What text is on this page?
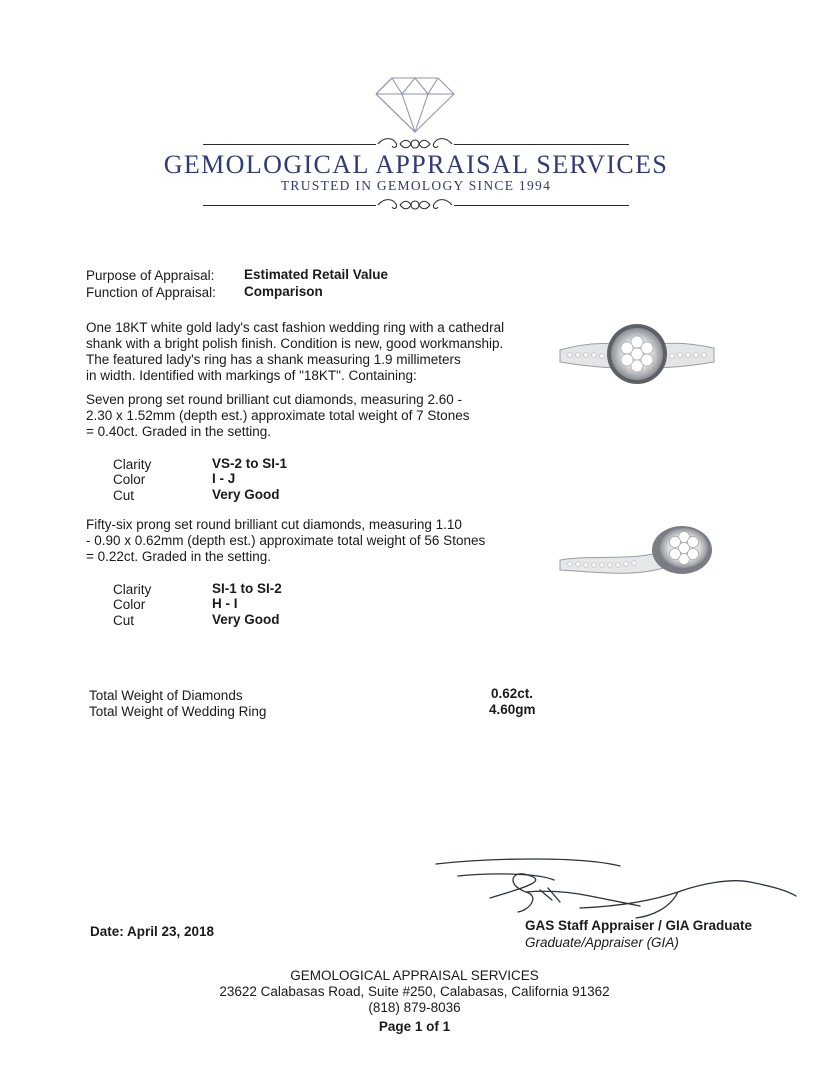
GEMOLOGICAL APPRAISAL SERVICES
TRUSTED IN GEMOLOGY SINCE 1994
Purpose of Appraisal: Estimated Retail Value
Function of Appraisal: Comparison
One 18KT white gold lady's cast fashion wedding ring with a cathedral
shank with a bright polish finish. Condition is new, good workmanship.
The featured lady's ring has a shank measuring 1.9 millimeters
in width. Identified with markings of "18KT". Containing:
Seven prong set round brilliant cut diamonds, measuring 2.60 -
2.30 x 1.52mm (depth est.) approximate total weight of 7 Stones
= 0.40ct. Graded in the setting.
Clarity	VS-2 to SI-1
Color	I - J
Cut	Very Good
Fifty-six prong set round brilliant cut diamonds, measuring 1.10
- 0.90 x 0.62mm (depth est.) approximate total weight of 56 Stones
= 0.22ct. Graded in the setting.
Clarity	SI-1 to SI-2
Color	H - I
Cut	Very Good
Total Weight of Diamonds	0.62ct.
Total Weight of Wedding Ring	4.60gm
Date: April 23, 2018	GAS Staff Appraiser / GIA Graduate
Graduate/Appraiser (GIA)
GEMOLOGICAL APPRAISAL SERVICES
23622 Calabasas Road, Suite #250, Calabasas, California 91362
(818) 879-8036
Page 1 of 1
